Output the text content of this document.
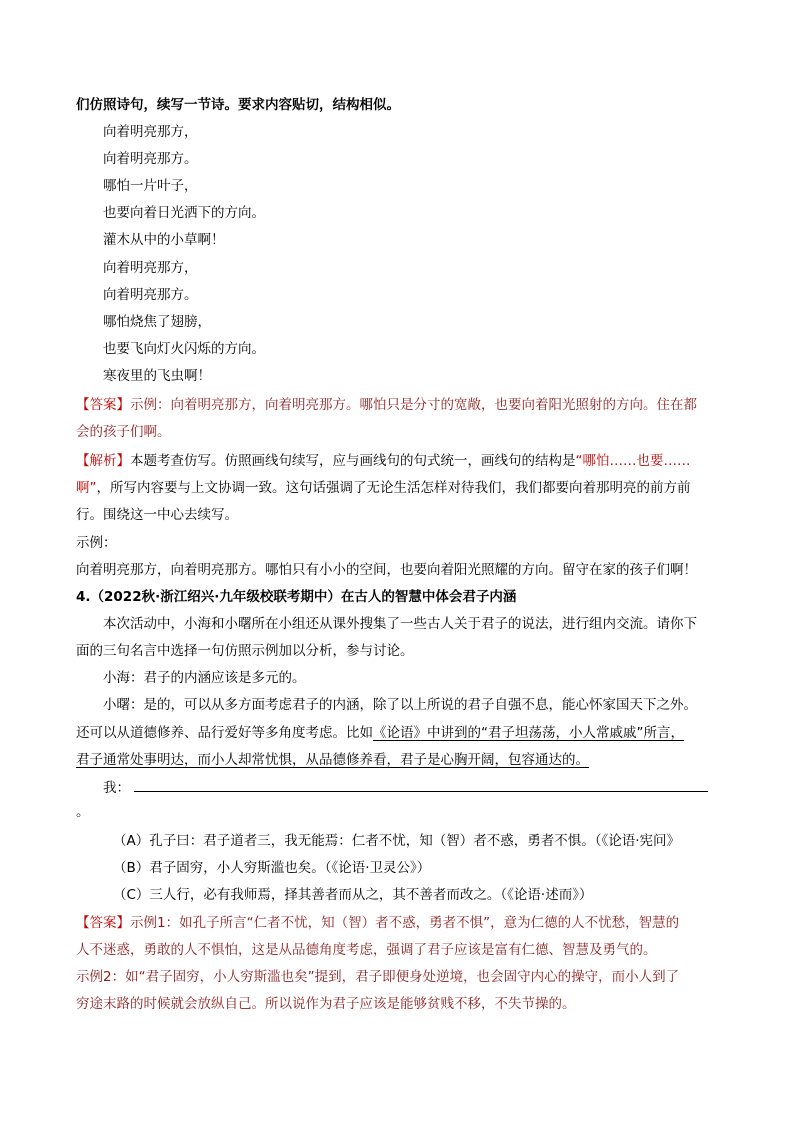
们仿照诗句，续写一节诗。要求内容贴切，结构相似。
向着明亮那方，
向着明亮那方。
哪怕一片叶子，
也要向着日光洒下的方向。
灌木从中的小草啊！
向着明亮那方，
向着明亮那方。
哪怕烧焦了翅膀，
也要飞向灯火闪烁的方向。
寒夜里的飞虫啊！
【答案】示例：向着明亮那方，向着明亮那方。哪怕只是分寸的宽敞，也要向着阳光照射的方向。住在都
会的孩子们啊。
【解析】本题考查仿写。仿照画线句续写，应与画线句的句式统一，画线句的结构是“哪怕……也要……
啊”，所写内容要与上文协调一致。这句话强调了无论生活怎样对待我们，我们都要向着那明亮的前方前
行。围绕这一中心去续写。
示例：
向着明亮那方，向着明亮那方。哪怕只有小小的空间，也要向着阳光照耀的方向。留守在家的孩子们啊！
4.（2022秋·浙江绍兴·九年级校联考期中）在古人的智慧中体会君子内涵
本次活动中，小海和小曙所在小组还从课外搜集了一些古人关于君子的说法，进行组内交流。请你下
面的三句名言中选择一句仿照示例加以分析，参与讨论。
小海：君子的内涵应该是多元的。
小曙：是的，可以从多方面考虑君子的内涵，除了以上所说的君子自强不息，能心怀家国天下之外。
还可以从道德修养、品行爱好等多角度考虑。比如《论语》中讲到的“君子坦荡荡，小人常戚戚”所言，
君子通常处事明达，而小人却常忧惧，从品德修养看，君子是心胸开阔，包容通达的。
我：
。
（A）孔子曰：君子道者三，我无能焉：仁者不忧，知（智）者不惑，勇者不惧。（《论语·宪问》
（B）君子固穷，小人穷斯滥也矣。（《论语·卫灵公》）
（C）三人行，必有我师焉，择其善者而从之，其不善者而改之。（《论语·述而》）
【答案】示例1：如孔子所言“仁者不忧，知（智）者不惑，勇者不惧”，意为仁德的人不忧愁，智慧的
人不迷惑，勇敢的人不惧怕，这是从品德角度考虑，强调了君子应该是富有仁德、智慧及勇气的。
示例2：如“君子固穷，小人穷斯滥也矣”提到，君子即便身处逆境，也会固守内心的操守，而小人到了
穷途末路的时候就会放纵自己。所以说作为君子应该是能够贫贱不移，不失节操的。
